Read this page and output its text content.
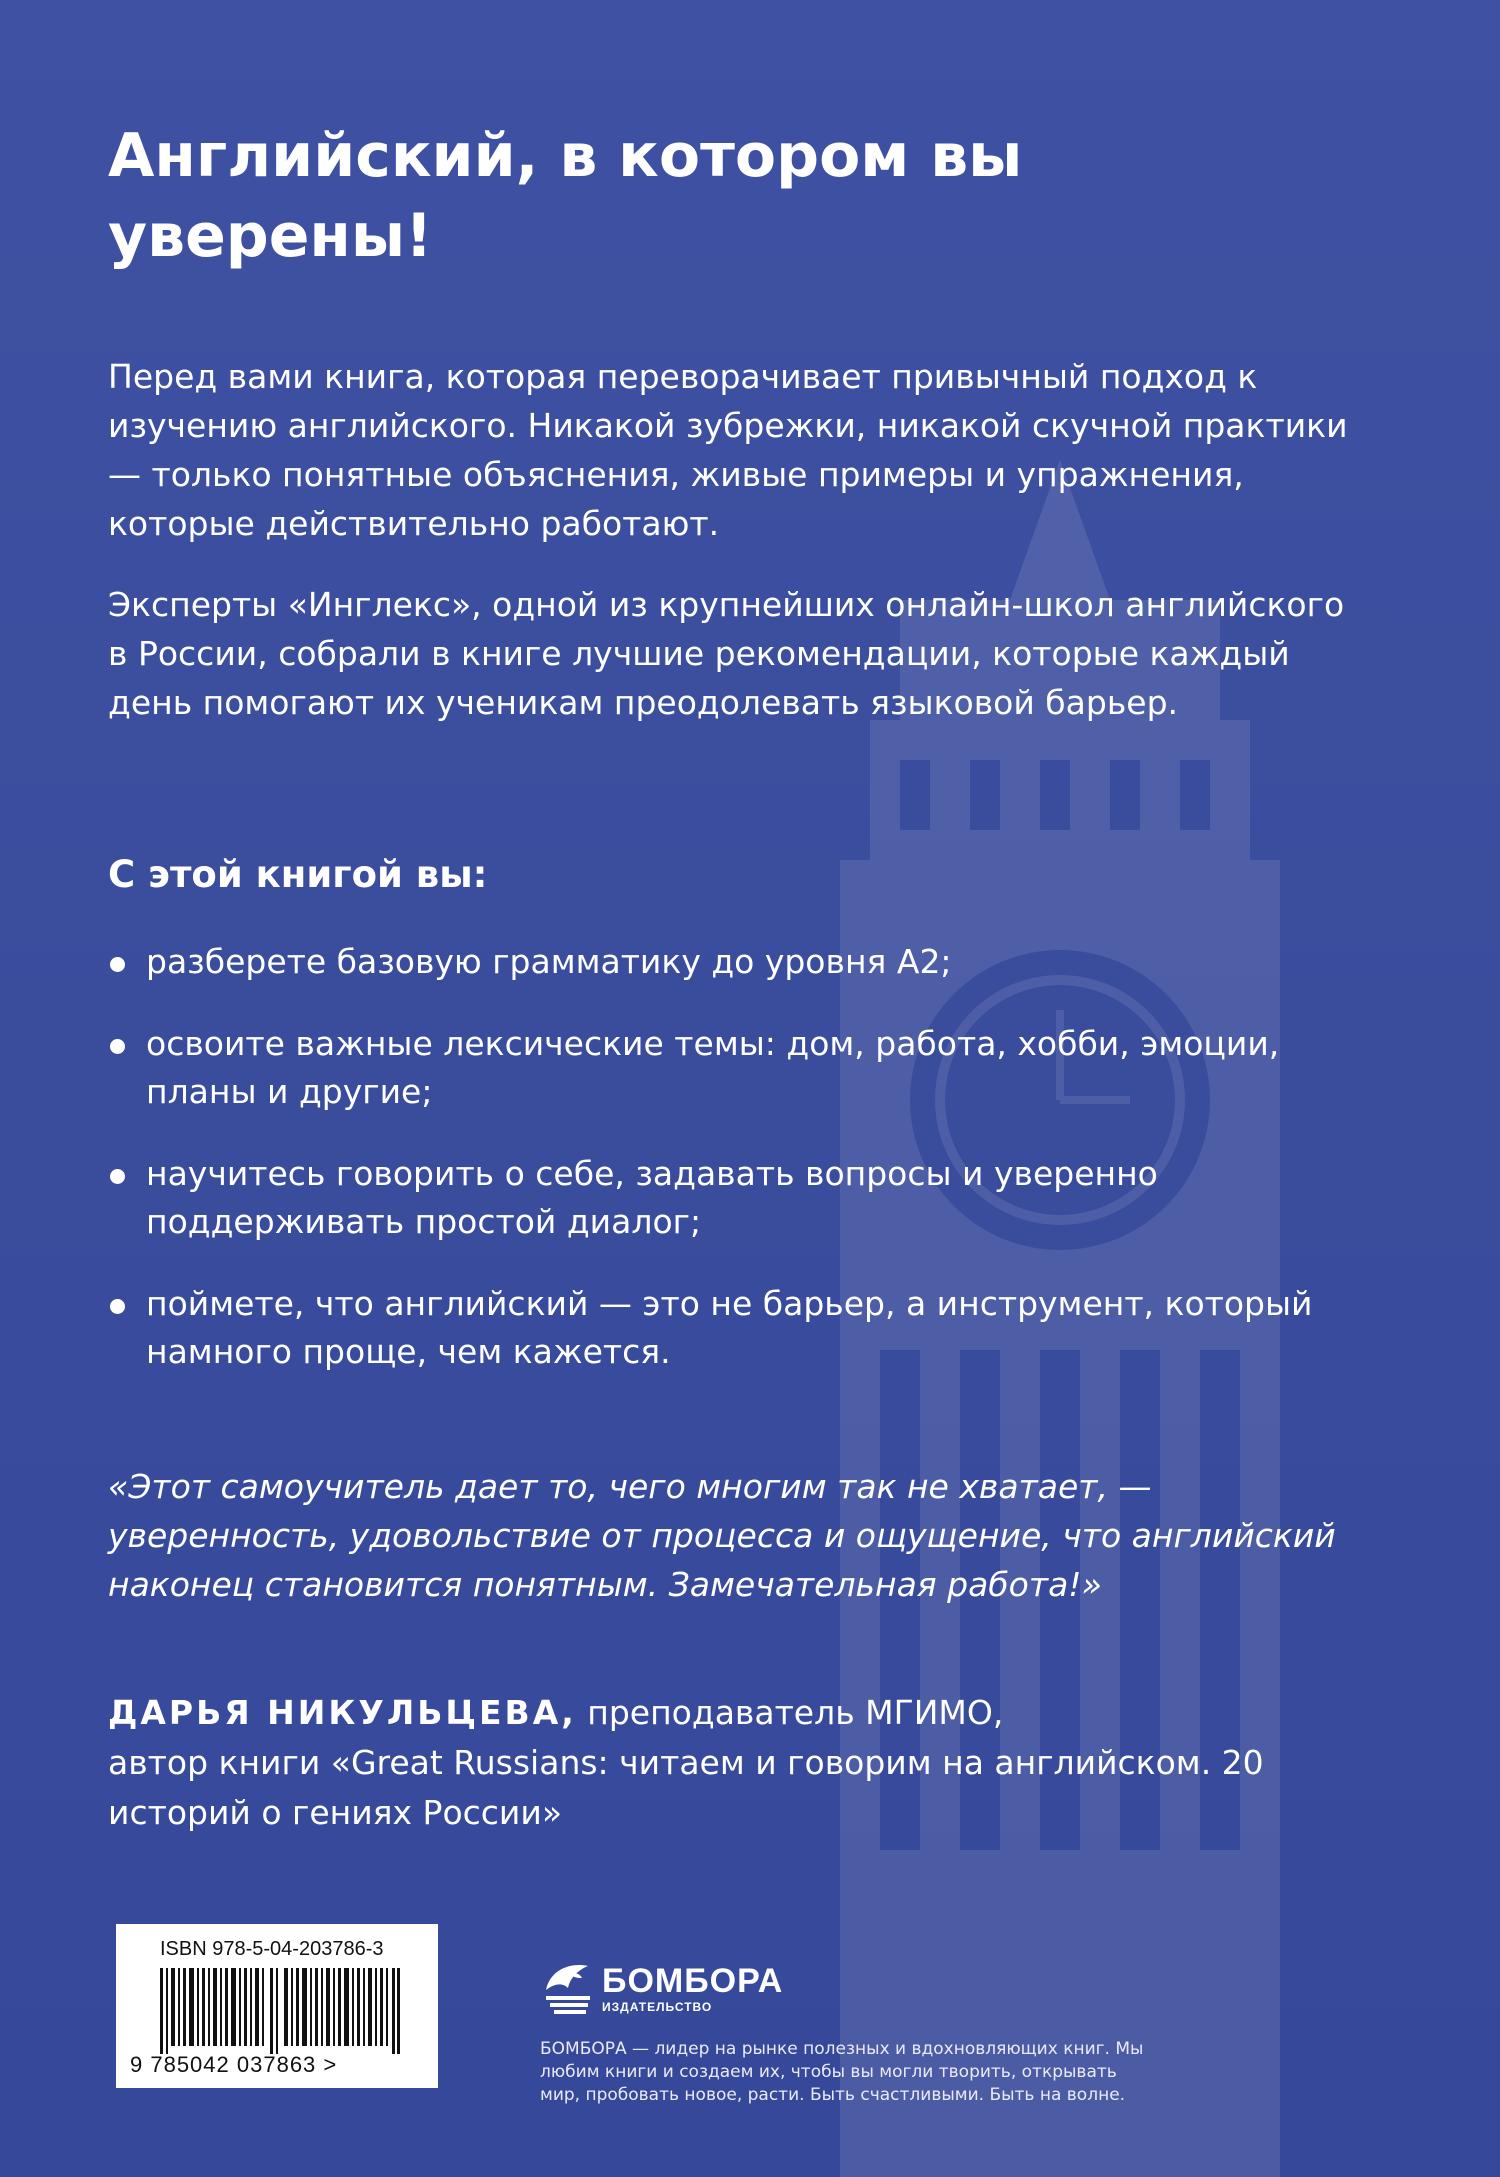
Английский, в котором вы уверены!

Перед вами книга, которая переворачивает привычный подход к изучению английского. Никакой зубрежки, никакой скучной практики — только понятные объяснения, живые примеры и упражнения, которые действительно работают.

Эксперты «Инглекс», одной из крупнейших онлайн-школ английского в России, собрали в книге лучшие рекомендации, которые каждый день помогают их ученикам преодолевать языковой барьер.

С этой книгой вы:
разберете базовую грамматику до уровня А2;
освоите важные лексические темы: дом, работа, хобби, эмоции, планы и другие;
научитесь говорить о себе, задавать вопросы и уверенно поддерживать простой диалог;
поймете, что английский — это не барьер, а инструмент, который намного проще, чем кажется.

«Этот самоучитель дает то, чего многим так не хватает, — уверенность, удовольствие от процесса и ощущение, что английский наконец становится понятным. Замечательная работа!»

ДАРЬЯ НИКУЛЬЦЕВА, преподаватель МГИМО,
автор книги «Great Russians: читаем и говорим на английском. 20 историй о гениях России»

ISBN 978-5-04-203786-3
9 785042 037863 >
БОМБОРА
ИЗДАТЕЛЬСТВО

БОМБОРА — лидер на рынке полезных и вдохновляющих книг. Мы любим книги и создаем их, чтобы вы могли творить, открывать мир, пробовать новое, расти. Быть счастливыми. Быть на волне.
